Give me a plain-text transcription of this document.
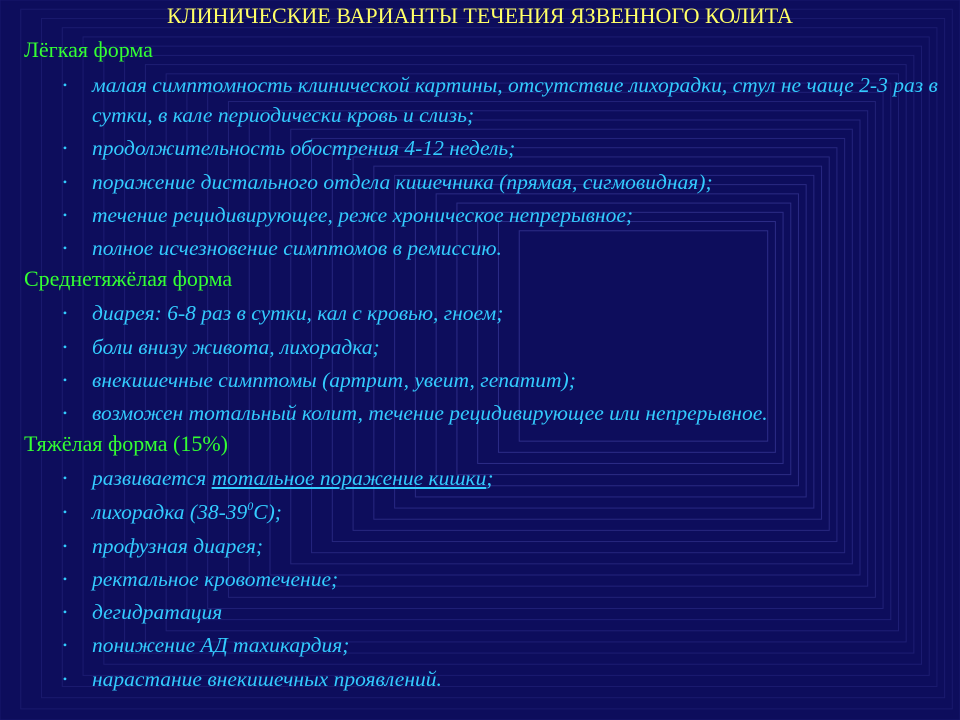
КЛИНИЧЕСКИЕ ВАРИАНТЫ ТЕЧЕНИЯ ЯЗВЕННОГО КОЛИТА
Лёгкая форма
• малая симптомность клинической картины, отсутствие лихорадки, стул не чаще 2-3 раз в сутки, в кале периодически кровь и слизь;
• продолжительность обострения 4-12 недель;
• поражение дистального отдела кишечника (прямая, сигмовидная);
• течение рецидивирующее, реже хроническое непрерывное;
• полное исчезновение симптомов в ремиссию.
Среднетяжёлая форма
• диарея: 6-8 раз в сутки, кал с кровью, гноем;
• боли внизу живота, лихорадка;
• внекишечные симптомы (артрит, увеит, гепатит);
• возможен тотальный колит, течение рецидивирующее или непрерывное.
Тяжёлая форма (15%)
• развивается тотальное поражение кишки;
• лихорадка $(38-39^0С)$;
• профузная диарея;
• ректальное кровотечение;
• дегидратация
• понижение АД тахикардия;
• нарастание внекишечных проявлений.
